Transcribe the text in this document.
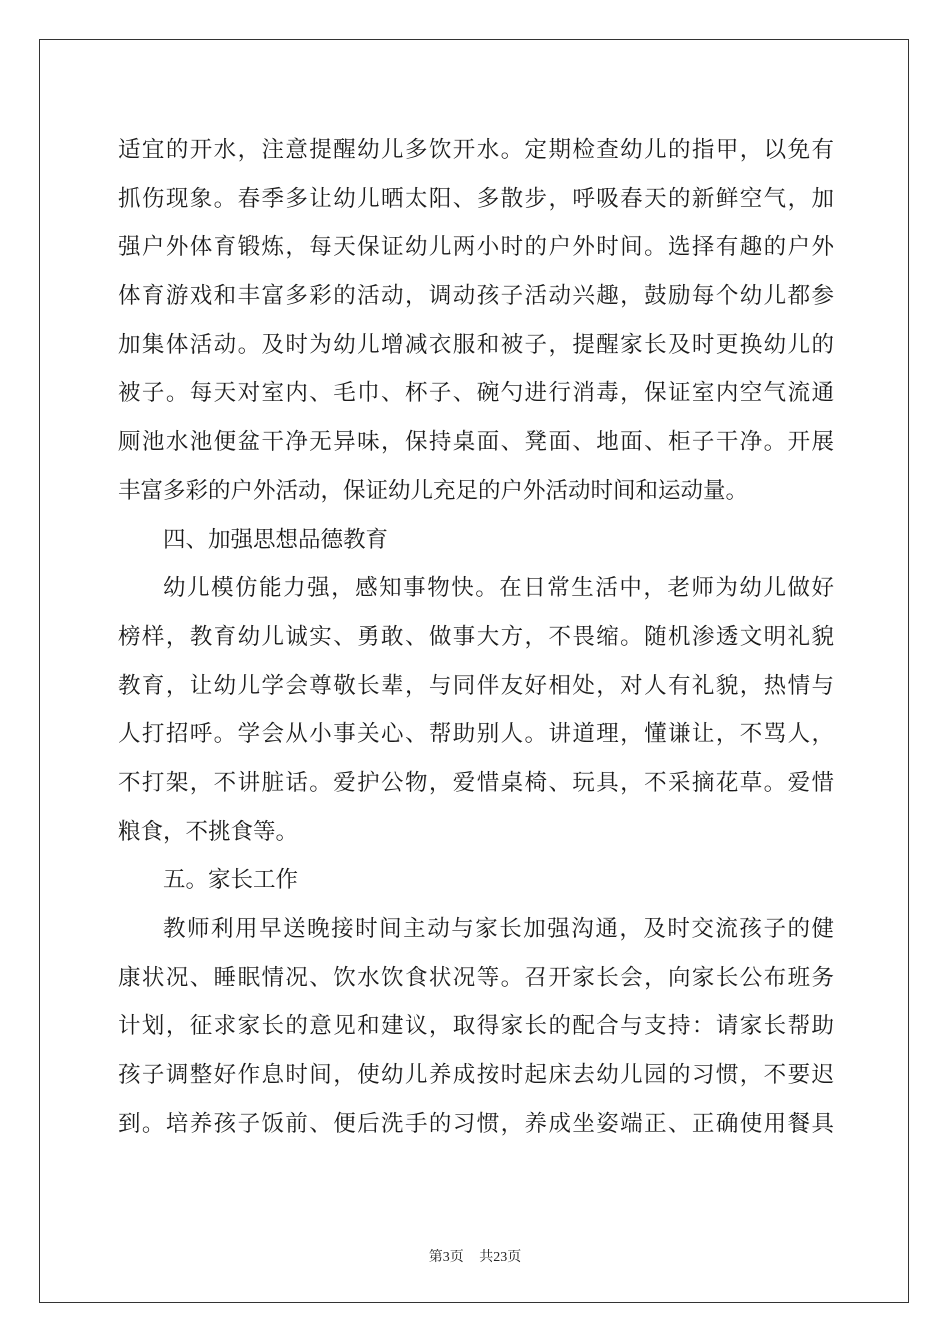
适宜的开水，注意提醒幼儿多饮开水。定期检查幼儿的指甲，以免有
抓伤现象。春季多让幼儿晒太阳、多散步，呼吸春天的新鲜空气，加
强户外体育锻炼，每天保证幼儿两小时的户外时间。选择有趣的户外
体育游戏和丰富多彩的活动，调动孩子活动兴趣，鼓励每个幼儿都参
加集体活动。及时为幼儿增减衣服和被子，提醒家长及时更换幼儿的
被子。每天对室内、毛巾、杯子、碗勺进行消毒，保证室内空气流通
厕池水池便盆干净无异味，保持桌面、凳面、地面、柜子干净。开展
丰富多彩的户外活动，保证幼儿充足的户外活动时间和运动量。
四、加强思想品德教育
幼儿模仿能力强，感知事物快。在日常生活中，老师为幼儿做好
榜样，教育幼儿诚实、勇敢、做事大方，不畏缩。随机渗透文明礼貌
教育，让幼儿学会尊敬长辈，与同伴友好相处，对人有礼貌，热情与
人打招呼。学会从小事关心、帮助别人。讲道理，懂谦让，不骂人，
不打架，不讲脏话。爱护公物，爱惜桌椅、玩具，不采摘花草。爱惜
粮食，不挑食等。
五。家长工作
教师利用早送晚接时间主动与家长加强沟通，及时交流孩子的健
康状况、睡眠情况、饮水饮食状况等。召开家长会，向家长公布班务
计划，征求家长的意见和建议，取得家长的配合与支持：请家长帮助
孩子调整好作息时间，使幼儿养成按时起床去幼儿园的习惯，不要迟
到。培养孩子饭前、便后洗手的习惯，养成坐姿端正、正确使用餐具
第3页 共23页
